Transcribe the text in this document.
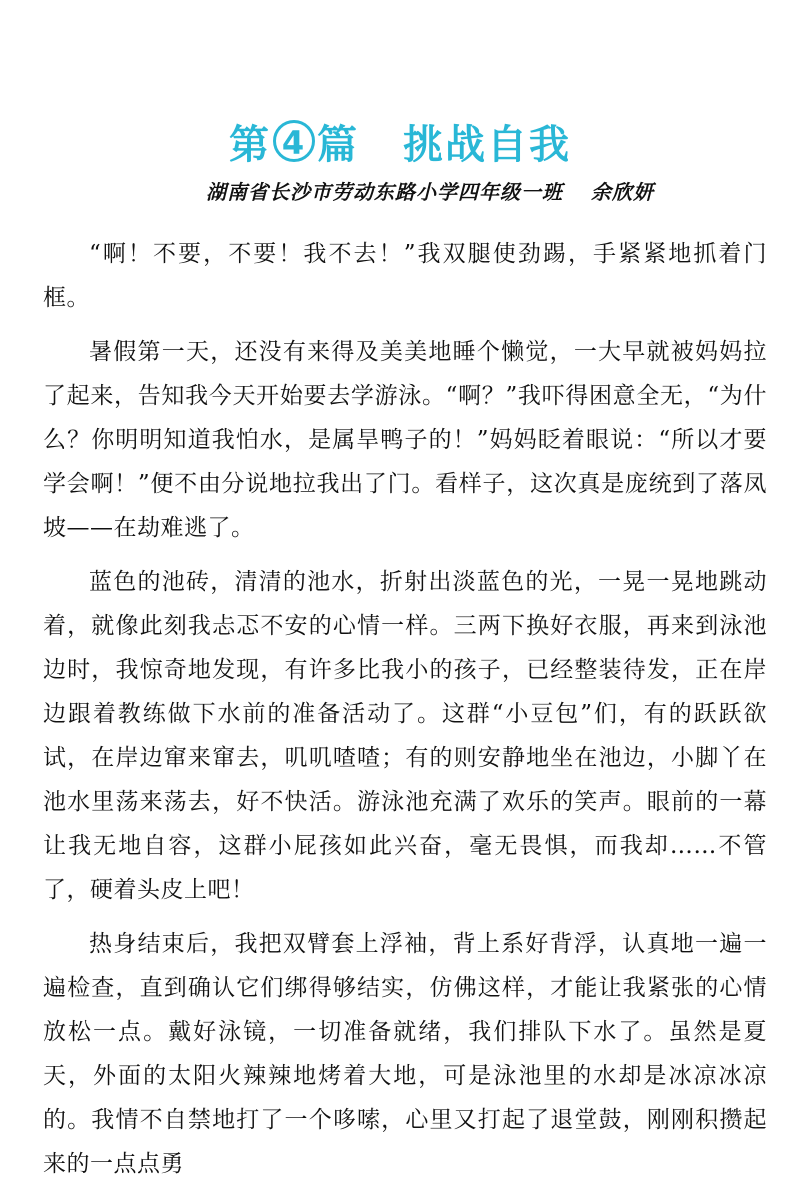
第 4 篇 挑战自我
湖南省长沙市劳动东路小学四年级一班 余欣妍

“啊！不要，不要！我不去！”我双腿使劲踢，手紧紧地抓着门框。

暑假第一天，还没有来得及美美地睡个懒觉，一大早就被妈妈拉了起来，告知我今天开始要去学游泳。“啊？”我吓得困意全无，“为什么？你明明知道我怕水，是属旱鸭子的！”妈妈眨着眼说：“所以才要学会啊！”便不由分说地拉我出了门。看样子，这次真是庞统到了落凤坡——在劫难逃了。

蓝色的池砖，清清的池水，折射出淡蓝色的光，一晃一晃地跳动着，就像此刻我忐忑不安的心情一样。三两下换好衣服，再来到泳池边时，我惊奇地发现，有许多比我小的孩子，已经整装待发，正在岸边跟着教练做下水前的准备活动了。这群“小豆包”们，有的跃跃欲试，在岸边窜来窜去，叽叽喳喳；有的则安静地坐在池边，小脚丫在池水里荡来荡去，好不快活。游泳池充满了欢乐的笑声。眼前的一幕让我无地自容，这群小屁孩如此兴奋，毫无畏惧，而我却……不管了，硬着头皮上吧！

热身结束后，我把双臂套上浮袖，背上系好背浮，认真地一遍一遍检查，直到确认它们绑得够结实，仿佛这样，才能让我紧张的心情放松一点。戴好泳镜，一切准备就绪，我们排队下水了。虽然是夏天，外面的太阳火辣辣地烤着大地，可是泳池里的水却是冰凉冰凉的。我情不自禁地打了一个哆嗦，心里又打起了退堂鼓，刚刚积攒起来的一点点勇
